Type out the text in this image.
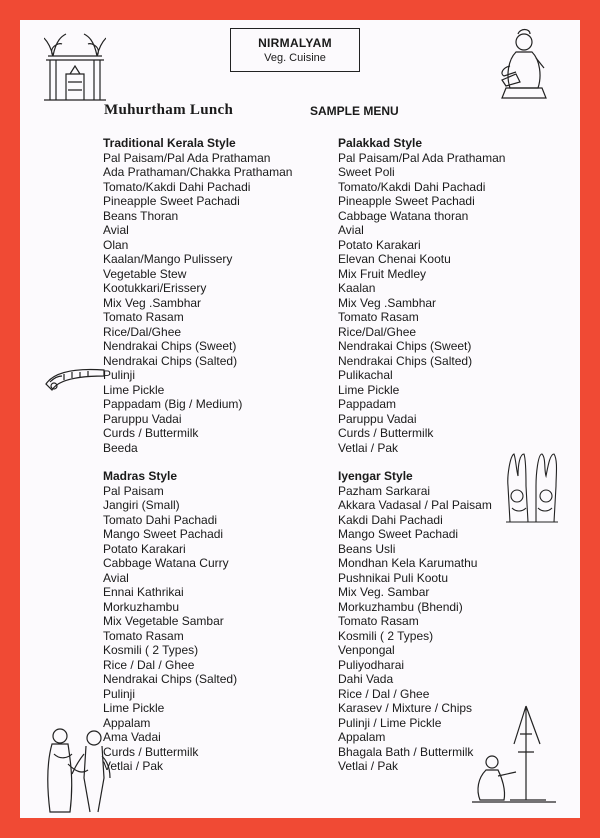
NIRMALYAM
Veg. Cuisine
Muhurtham Lunch	SAMPLE MENU
Traditional Kerala Style
Pal Paisam/Pal Ada Prathaman
Ada Prathaman/Chakka Prathaman
Tomato/Kakdi Dahi Pachadi
Pineapple Sweet Pachadi
Beans Thoran
Avial
Olan
Kaalan/Mango Pulissery
Vegetable Stew
Kootukkari/Erissery
Mix Veg .Sambhar
Tomato Rasam
Rice/Dal/Ghee
Nendrakai Chips (Sweet)
Nendrakai Chips (Salted)
Pulinji
Lime Pickle
Pappadam (Big / Medium)
Paruppu Vadai
Curds / Buttermilk
Beeda
Palakkad Style
Pal Paisam/Pal Ada Prathaman
Sweet Poli
Tomato/Kakdi Dahi Pachadi
Pineapple Sweet Pachadi
Cabbage Watana thoran
Avial
Potato Karakari
Elevan Chenai Kootu
Mix Fruit Medley
Kaalan
Mix Veg .Sambhar
Tomato Rasam
Rice/Dal/Ghee
Nendrakai Chips (Sweet)
Nendrakai Chips (Salted)
Pulikachal
Lime Pickle
Pappadam
Paruppu Vadai
Curds / Buttermilk
Vetlai / Pak
Madras Style
Pal Paisam
Jangiri (Small)
Tomato Dahi Pachadi
Mango Sweet Pachadi
Potato Karakari
Cabbage Watana Curry
Avial
Ennai Kathrikai
Morkuzhambu
Mix Vegetable Sambar
Tomato Rasam
Kosmili ( 2 Types)
Rice / Dal / Ghee
Nendrakai Chips (Salted)
Pulinji
Lime Pickle
Appalam
Ama Vadai
Curds / Buttermilk
Vetlai / Pak
Iyengar Style
Pazham Sarkarai
Akkara Vadasal / Pal Paisam
Kakdi Dahi Pachadi
Mango Sweet Pachadi
Beans Usli
Mondhan Kela Karumathu
Pushnikai Puli Kootu
Mix Veg. Sambar
Morkuzhambu (Bhendi)
Tomato Rasam
Kosmili ( 2 Types)
Venpongal
Puliyodharai
Dahi Vada
Rice / Dal / Ghee
Karasev / Mixture / Chips
Pulinji / Lime Pickle
Appalam
Bhagala Bath / Buttermilk
Vetlai / Pak
